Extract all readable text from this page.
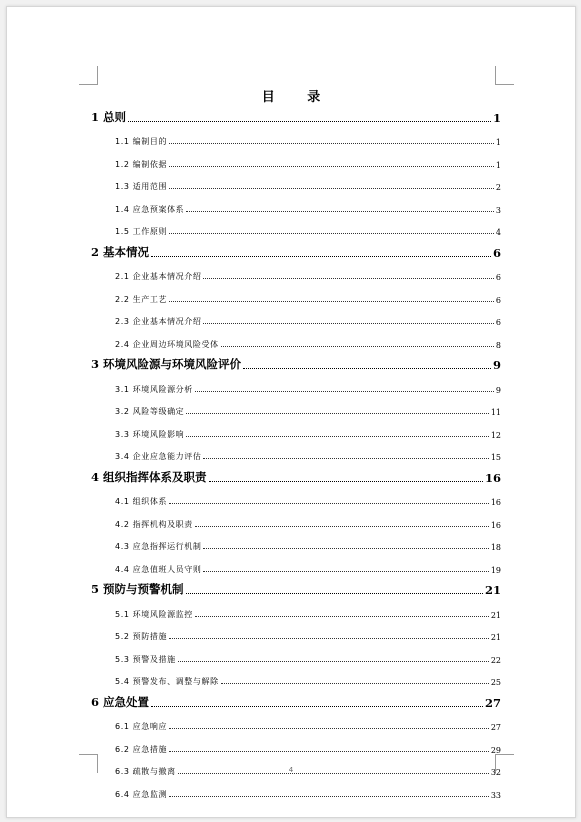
目 录
1 总则	1
1.1 编制目的	1
1.2 编制依据	1
1.3 适用范围	2
1.4 应急预案体系	3
1.5 工作原则	4
2 基本情况	6
2.1 企业基本情况介绍	6
2.2 生产工艺	6
2.3 企业基本情况介绍	6
2.4 企业周边环境风险受体	8
3 环境风险源与环境风险评价	9
3.1 环境风险源分析	9
3.2 风险等级确定	11
3.3 环境风险影响	12
3.4 企业应急能力评估	15
4 组织指挥体系及职责	16
4.1 组织体系	16
4.2 指挥机构及职责	16
4.3 应急指挥运行机制	18
4.4 应急值班人员守则	19
5 预防与预警机制	21
5.1 环境风险源监控	21
5.2 预防措施	21
5.3 预警及措施	22
5.4 预警发布、调整与解除	25
6 应急处置	27
6.1 应急响应	27
6.2 应急措施	29
6.3 疏散与撤离	32
6.4 应急监测	33
4
